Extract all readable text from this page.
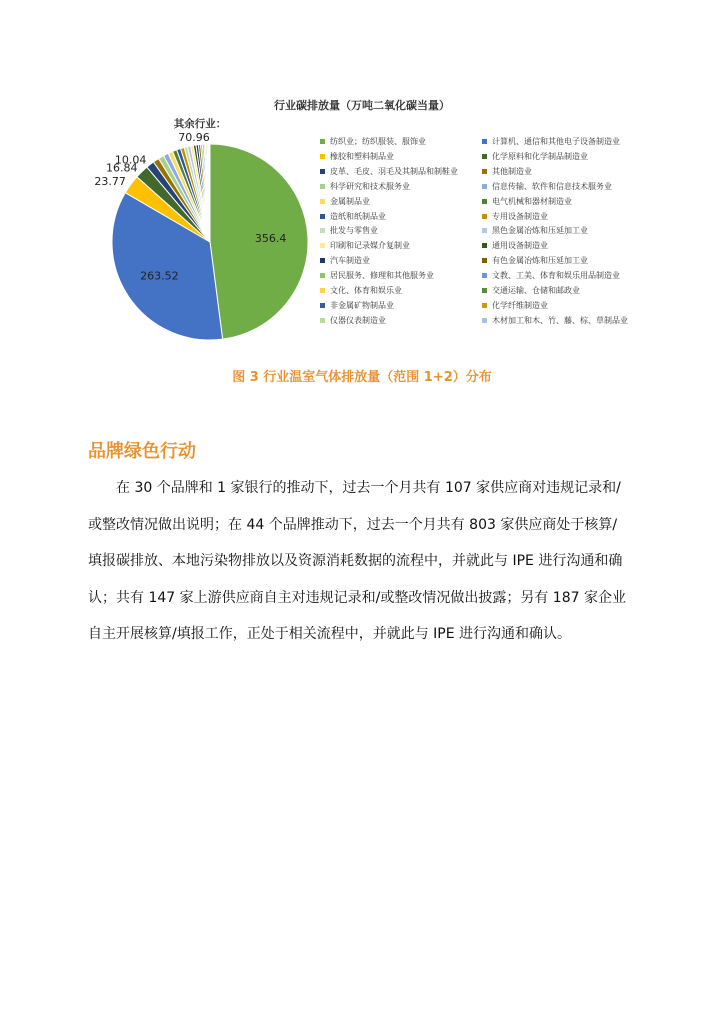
行业碳排放量（万吨二氧化碳当量）
356.4
263.52
23.77
16.84
10.04
其余行业：
70.96	纺织业；纺织服装、服饰业	计算机、通信和其他电子设备制造业
橡胶和塑料制品业	化学原料和化学制品制造业
皮革、毛皮、羽毛及其制品和制鞋业	其他制造业
科学研究和技术服务业	信息传输、软件和信息技术服务业
金属制品业	电气机械和器材制造业
造纸和纸制品业	专用设备制造业
批发与零售业	黑色金属冶炼和压延加工业
印刷和记录媒介复制业	通用设备制造业
汽车制造业	有色金属冶炼和压延加工业
居民服务、修理和其他服务业	文教、工美、体育和娱乐用品制造业
文化、体育和娱乐业	交通运输、仓储和邮政业
非金属矿物制品业	化学纤维制造业
仪器仪表制造业	木材加工和木、竹、藤、棕、草制品业
图 3 行业温室气体排放量（范围 1+2）分布
品牌绿色行动
在 30 个品牌和 1 家银行的推动下，过去一个月共有 107 家供应商对违规记录和/
或整改情况做出说明；在 44 个品牌推动下，过去一个月共有 803 家供应商处于核算/
填报碳排放、本地污染物排放以及资源消耗数据的流程中，并就此与 IPE 进行沟通和确
认；共有 147 家上游供应商自主对违规记录和/或整改情况做出披露；另有 187 家企业
自主开展核算/填报工作，正处于相关流程中，并就此与 IPE 进行沟通和确认。
